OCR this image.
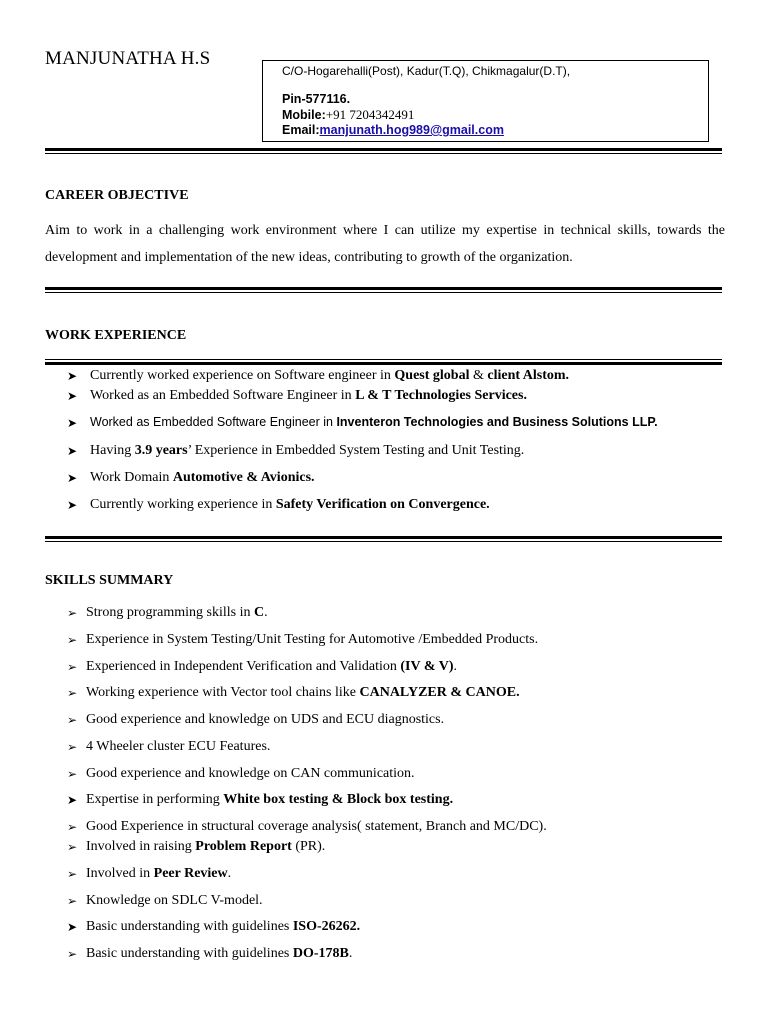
MANJUNATHA H.S
C/O-Hogarehalli(Post), Kadur(T.Q), Chikmagalur(D.T),
Pin-577116.
Mobile:+91 7204342491
Email:manjunath.hog989@gmail.com
CAREER OBJECTIVE
Aim to work in a challenging work environment where I can utilize my expertise in technical skills, towards the development and implementation of the new ideas, contributing to growth of the organization.
WORK EXPERIENCE
➤ Currently worked experience on Software engineer in Quest global & client Alstom.
➤ Worked as an Embedded Software Engineer in L & T Technologies Services.
➤ Worked as Embedded Software Engineer in Inventeron Technologies and Business Solutions LLP.
➤ Having 3.9 years’ Experience in Embedded System Testing and Unit Testing.
➤ Work Domain Automotive & Avionics.
➤ Currently working experience in Safety Verification on Convergence.
SKILLS SUMMARY
➢ Strong programming skills in C.
➢ Experience in System Testing/Unit Testing for Automotive /Embedded Products.
➢ Experienced in Independent Verification and Validation (IV & V).
➢ Working experience with Vector tool chains like CANALYZER & CANOE.
➢ Good experience and knowledge on UDS and ECU diagnostics.
➢ 4 Wheeler cluster ECU Features.
➢ Good experience and knowledge on CAN communication.
➤ Expertise in performing White box testing & Block box testing.
➢ Good Experience in structural coverage analysis( statement, Branch and MC/DC).
➢ Involved in raising Problem Report (PR).
➢ Involved in Peer Review.
➢ Knowledge on SDLC V-model.
➤ Basic understanding with guidelines ISO-26262.
➢ Basic understanding with guidelines DO-178B.
